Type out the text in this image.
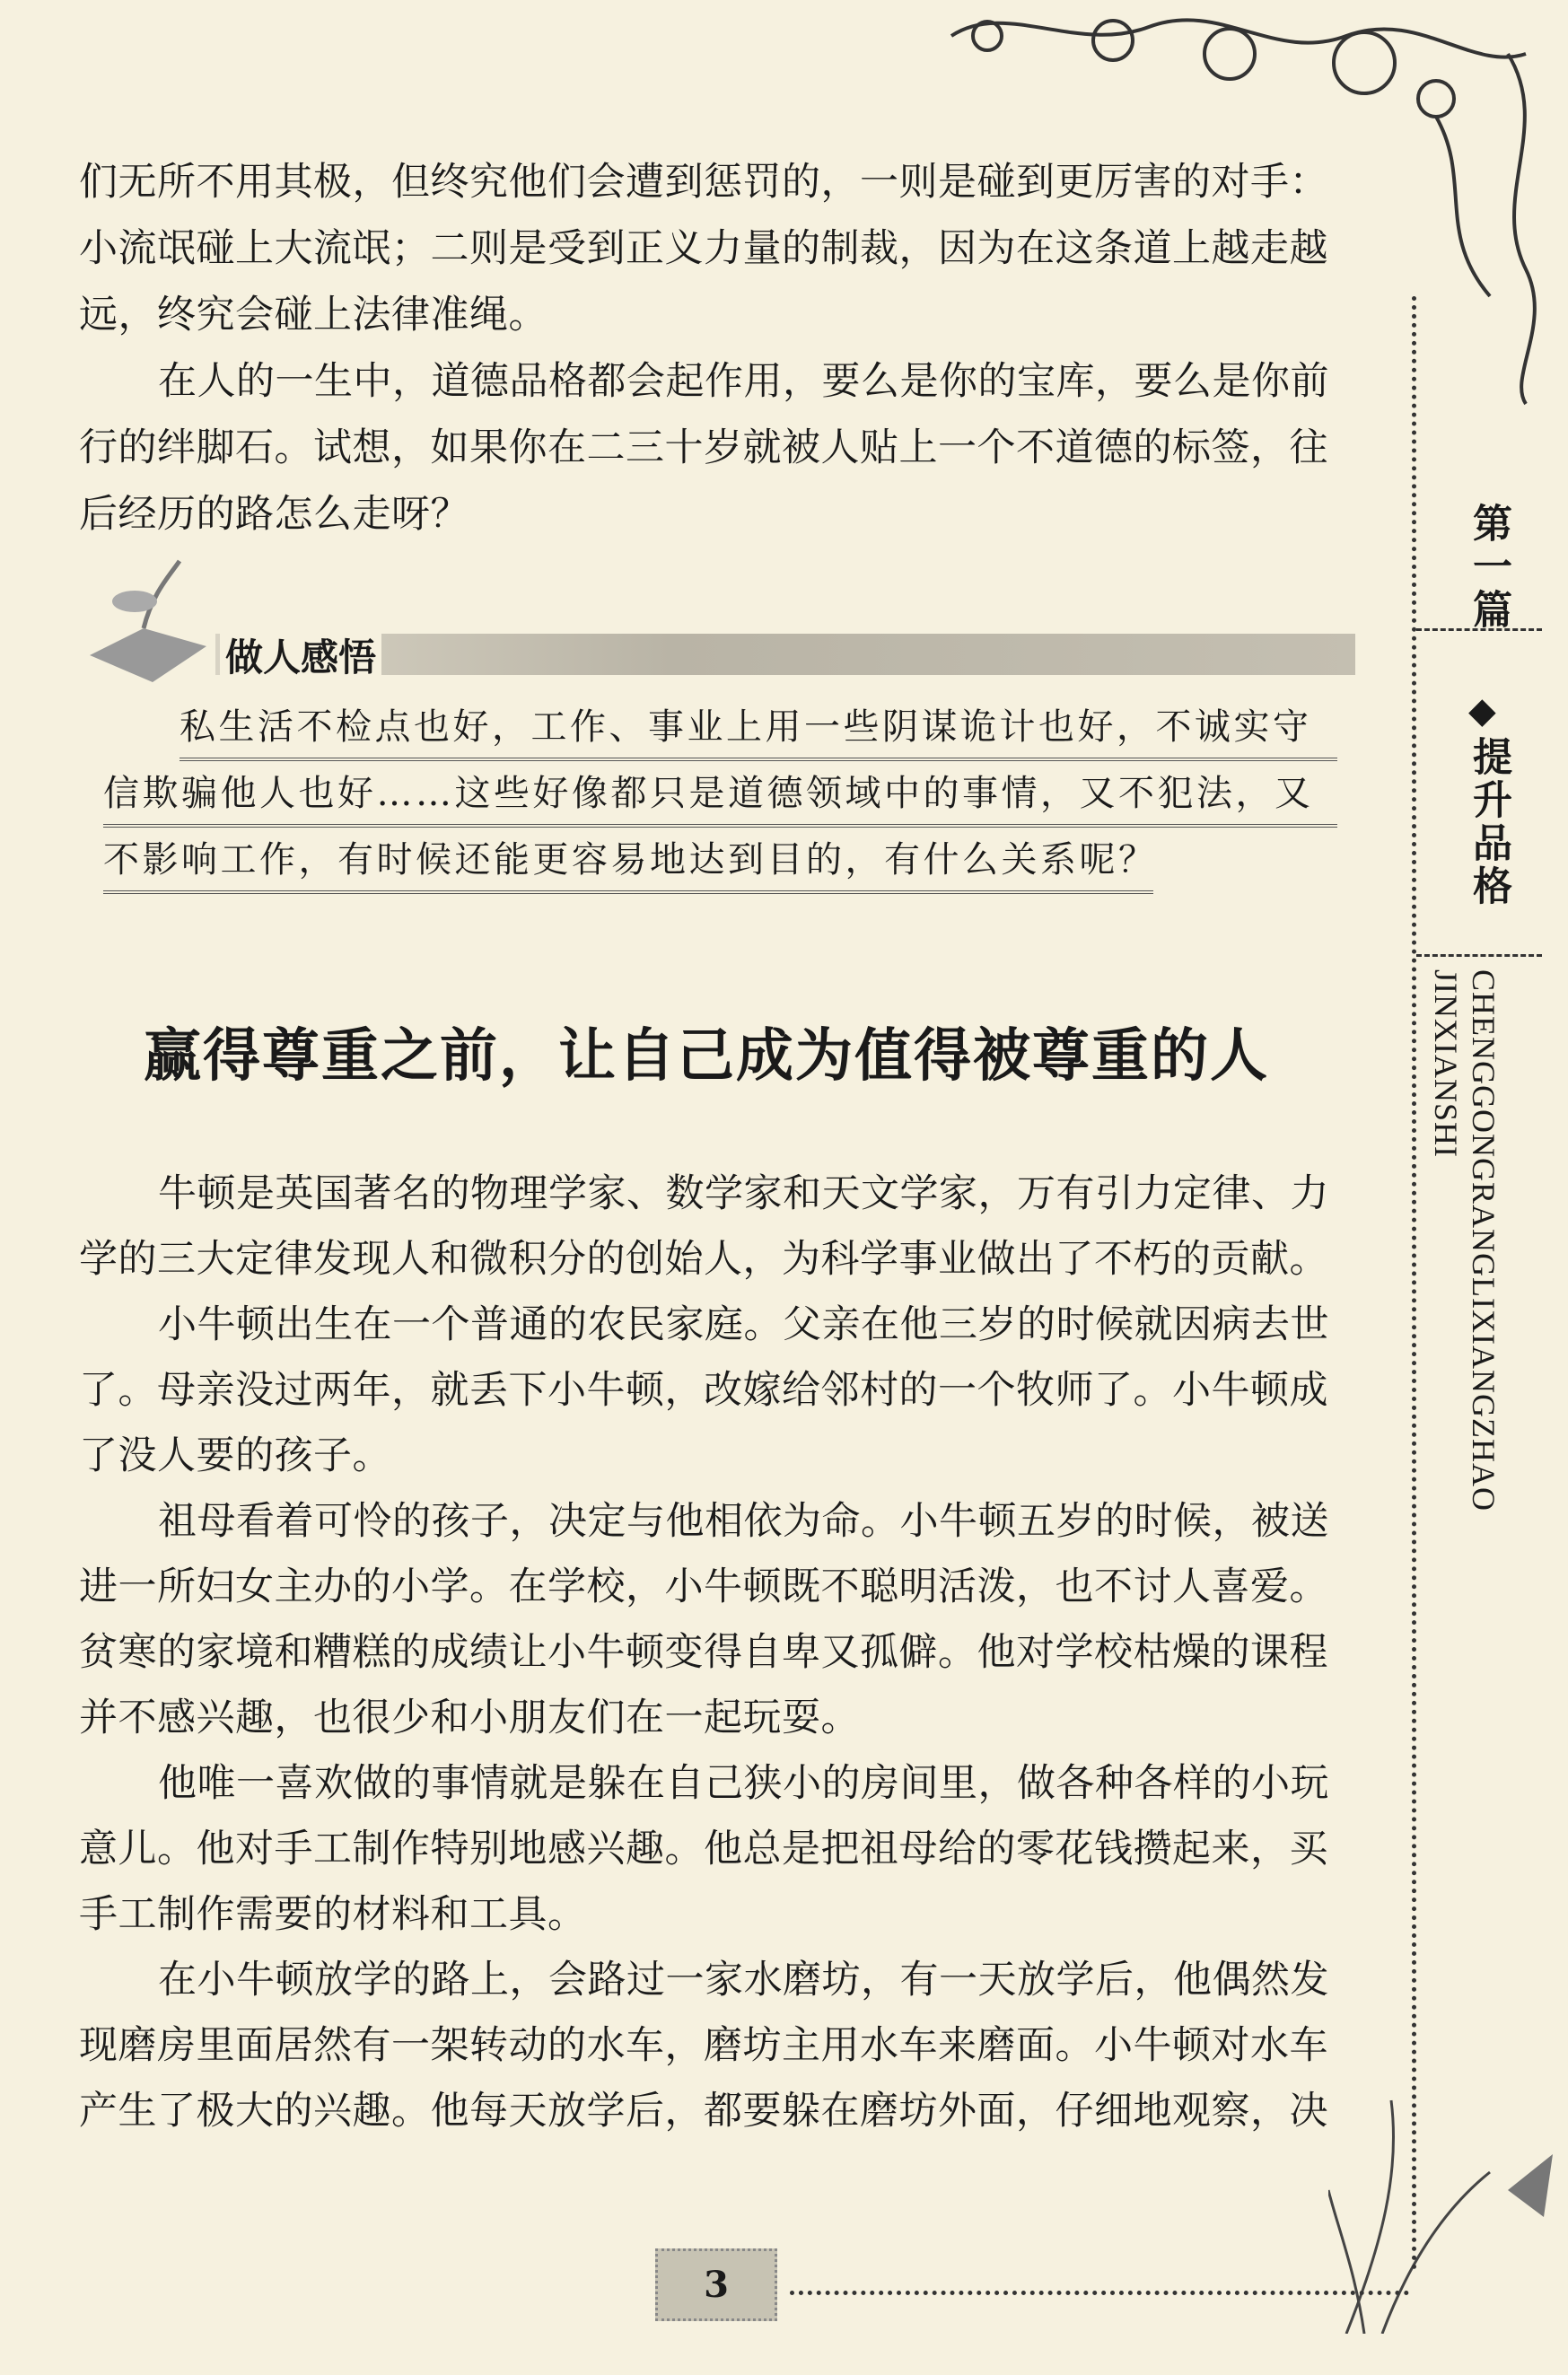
们无所不用其极，但终究他们会遭到惩罚的，一则是碰到更厉害的对手：
小流氓碰上大流氓；二则是受到正义力量的制裁，因为在这条道上越走越
远，终究会碰上法律准绳。
在人的一生中，道德品格都会起作用，要么是你的宝库，要么是你前
行的绊脚石。试想，如果你在二三十岁就被人贴上一个不道德的标签，往
后经历的路怎么走呀？
做人感悟
私生活不检点也好，工作、事业上用一些阴谋诡计也好，不诚实守
信欺骗他人也好……这些好像都只是道德领域中的事情，又不犯法，又
不影响工作，有时候还能更容易地达到目的，有什么关系呢？
赢得尊重之前，让自己成为值得被尊重的人
牛顿是英国著名的物理学家、数学家和天文学家，万有引力定律、力
学的三大定律发现人和微积分的创始人，为科学事业做出了不朽的贡献。
小牛顿出生在一个普通的农民家庭。父亲在他三岁的时候就因病去世
了。母亲没过两年，就丢下小牛顿，改嫁给邻村的一个牧师了。小牛顿成
了没人要的孩子。
祖母看着可怜的孩子，决定与他相依为命。小牛顿五岁的时候，被送
进一所妇女主办的小学。在学校，小牛顿既不聪明活泼，也不讨人喜爱。
贫寒的家境和糟糕的成绩让小牛顿变得自卑又孤僻。他对学校枯燥的课程
并不感兴趣，也很少和小朋友们在一起玩耍。
他唯一喜欢做的事情就是躲在自己狭小的房间里，做各种各样的小玩
意儿。他对手工制作特别地感兴趣。他总是把祖母给的零花钱攒起来，买
手工制作需要的材料和工具。
在小牛顿放学的路上，会路过一家水磨坊，有一天放学后，他偶然发
现磨房里面居然有一架转动的水车，磨坊主用水车来磨面。小牛顿对水车
产生了极大的兴趣。他每天放学后，都要躲在磨坊外面，仔细地观察，决
第一篇
◆
提升品格
CHENGGONGRANGLIXIANGZHAO
JINXIANSHI
3
